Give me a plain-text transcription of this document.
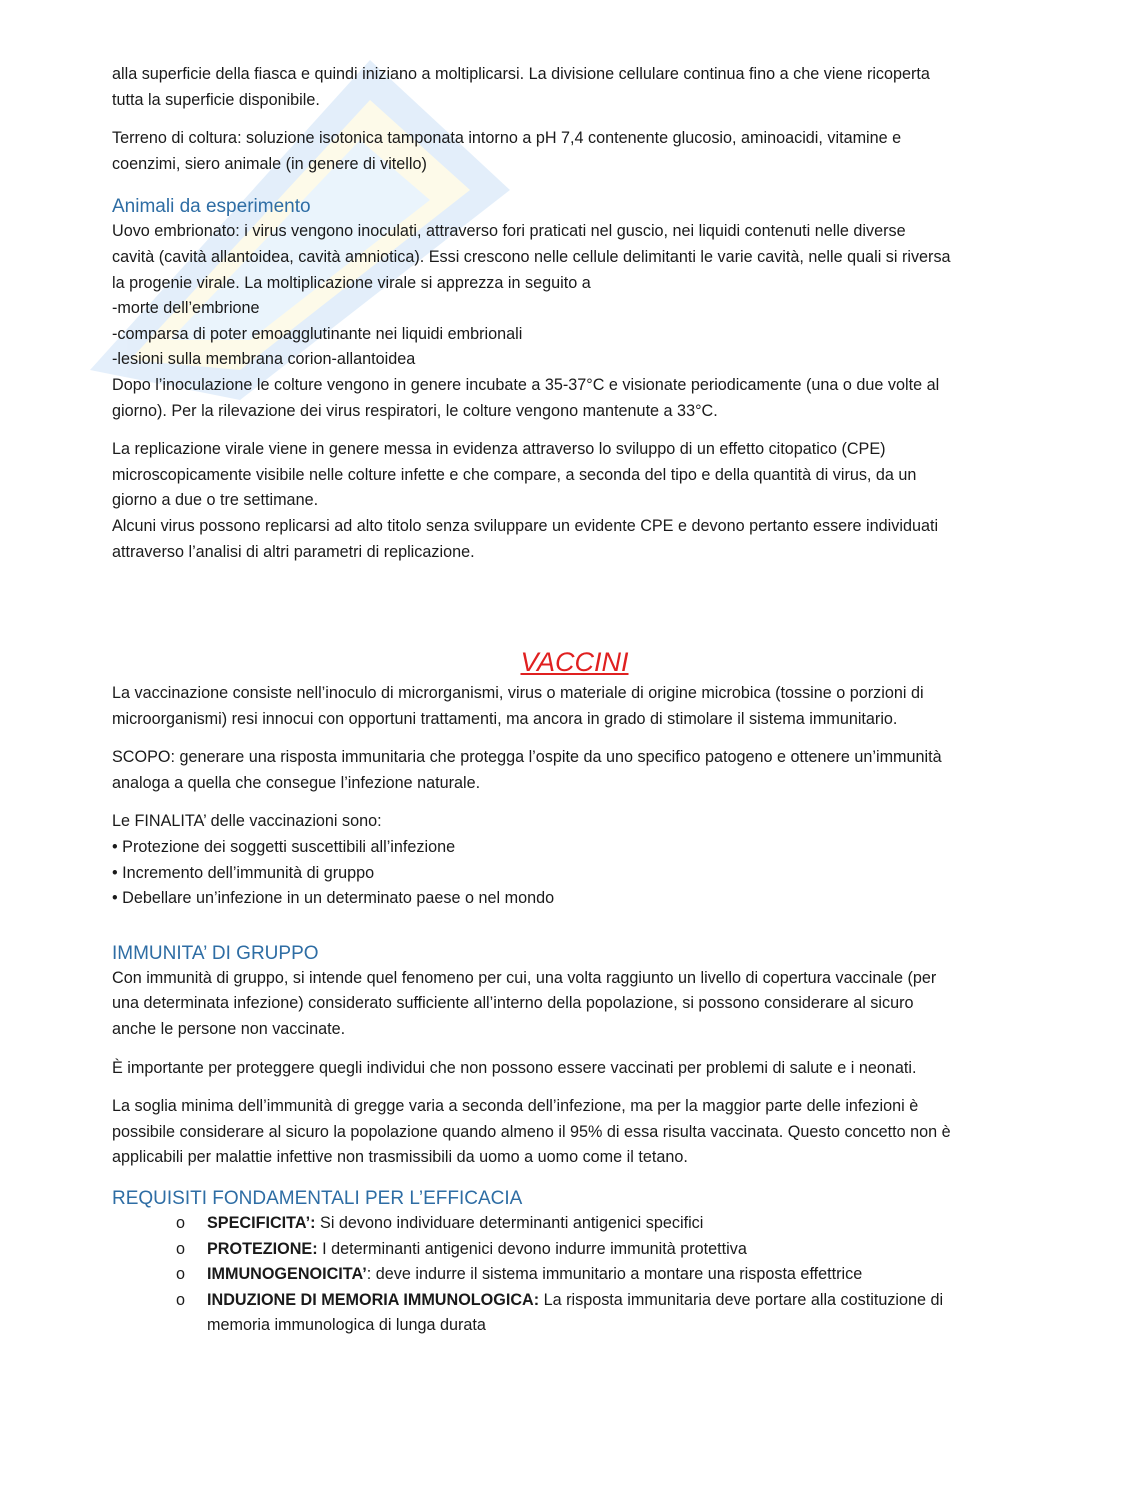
alla superficie della fiasca e quindi iniziano a moltiplicarsi. La divisione cellulare continua fino a che viene ricoperta
tutta la superficie disponibile.

Terreno di coltura: soluzione isotonica tamponata intorno a pH 7,4 contenente glucosio, aminoacidi, vitamine e
coenzimi, siero animale (in genere di vitello)

Animali da esperimento

Uovo embrionato: i virus vengono inoculati, attraverso fori praticati nel guscio, nei liquidi contenuti nelle diverse
cavità (cavità allantoidea, cavità amniotica). Essi crescono nelle cellule delimitanti le varie cavità, nelle quali si riversa
la progenie virale. La moltiplicazione virale si apprezza in seguito a
-morte dell’embrione
-comparsa di poter emoagglutinante nei liquidi embrionali
-lesioni sulla membrana corion-allantoidea
Dopo l’inoculazione le colture vengono in genere incubate a 35-37°C e visionate periodicamente (una o due volte al
giorno). Per la rilevazione dei virus respiratori, le colture vengono mantenute a 33°C.

La replicazione virale viene in genere messa in evidenza attraverso lo sviluppo di un effetto citopatico (CPE)
microscopicamente visibile nelle colture infette e che compare, a seconda del tipo e della quantità di virus, da un
giorno a due o tre settimane.
Alcuni virus possono replicarsi ad alto titolo senza sviluppare un evidente CPE e devono pertanto essere individuati
attraverso l’analisi di altri parametri di replicazione.

VACCINI

La vaccinazione consiste nell’inoculo di microrganismi, virus o materiale di origine microbica (tossine o porzioni di
microorganismi) resi innocui con opportuni trattamenti, ma ancora in grado di stimolare il sistema immunitario.

SCOPO: generare una risposta immunitaria che protegga l’ospite da uno specifico patogeno e ottenere un’immunità
analoga a quella che consegue l’infezione naturale.

Le FINALITA’ delle vaccinazioni sono:
• Protezione dei soggetti suscettibili all’infezione
• Incremento dell’immunità di gruppo
• Debellare un’infezione in un determinato paese o nel mondo

IMMUNITA’ DI GRUPPO

Con immunità di gruppo, si intende quel fenomeno per cui, una volta raggiunto un livello di copertura vaccinale (per
una determinata infezione) considerato sufficiente all’interno della popolazione, si possono considerare al sicuro
anche le persone non vaccinate.

È importante per proteggere quegli individui che non possono essere vaccinati per problemi di salute e i neonati.

La soglia minima dell’immunità di gregge varia a seconda dell’infezione, ma per la maggior parte delle infezioni è
possibile considerare al sicuro la popolazione quando almeno il 95% di essa risulta vaccinata. Questo concetto non è
applicabili per malattie infettive non trasmissibili da uomo a uomo come il tetano.

REQUISITI FONDAMENTALI PER L’EFFICACIA
o SPECIFICITA’: Si devono individuare determinanti antigenici specifici
o PROTEZIONE: I determinanti antigenici devono indurre immunità protettiva
o IMMUNOGENOICITA’: deve indurre il sistema immunitario a montare una risposta effettrice
o INDUZIONE DI MEMORIA IMMUNOLOGICA: La risposta immunitaria deve portare alla costituzione di
memoria immunologica di lunga durata
